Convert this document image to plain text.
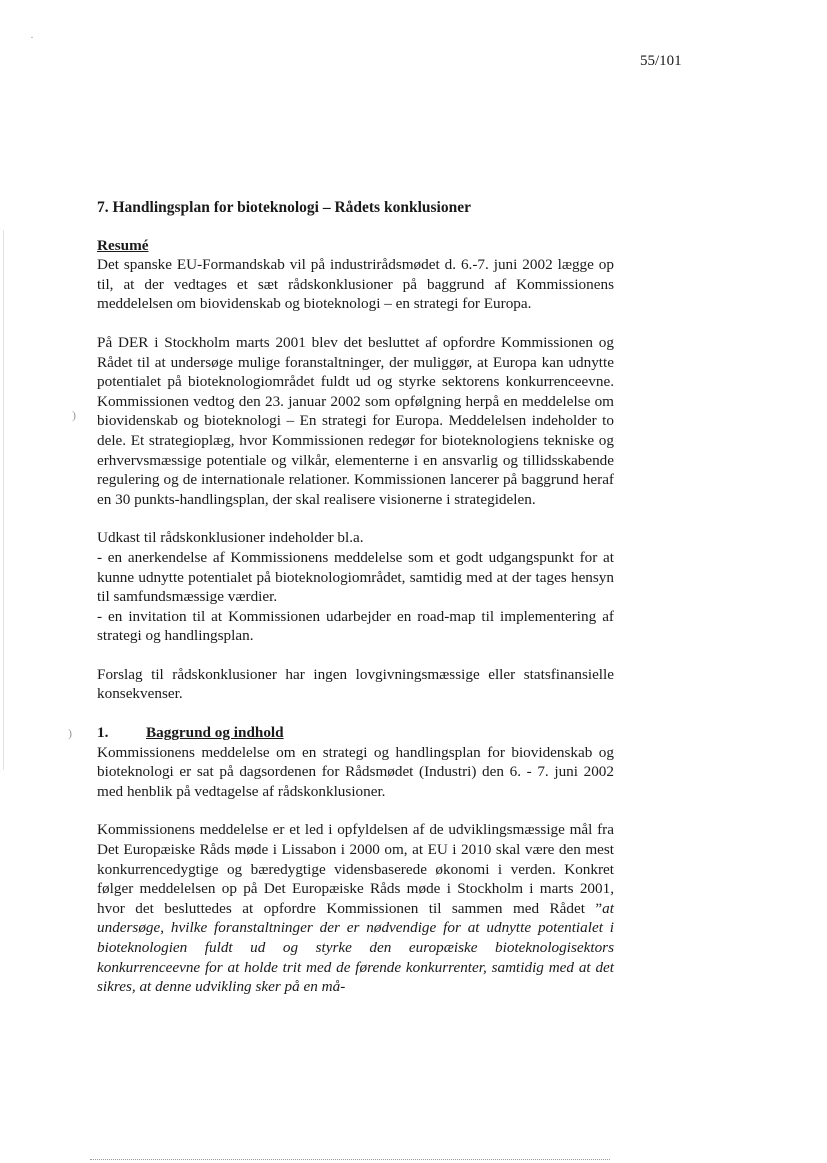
·
)
)
55/101
7. Handlingsplan for bioteknologi – Rådets konklusioner
Resumé

Det spanske EU-Formandskab vil på industrirådsmødet d. 6.-7. juni 2002 lægge op til, at der vedtages et sæt rådskonklusioner på baggrund af Kommissionens meddelelsen om biovidenskab og bioteknologi – en strategi for Europa.

På DER i Stockholm marts 2001 blev det besluttet af opfordre Kommissionen og Rådet til at undersøge mulige foranstaltninger, der muliggør, at Europa kan udnytte potentialet på bioteknologiområdet fuldt ud og styrke sektorens konkurrenceevne. Kommissionen vedtog den 23. januar 2002 som opfølgning herpå en meddelelse om biovidenskab og bioteknologi – En strategi for Europa. Meddelelsen indeholder to dele. Et strategioplæg, hvor Kommissionen redegør for bioteknologiens tekniske og erhvervsmæssige potentiale og vilkår, elementerne i en ansvarlig og tillidsskabende regulering og de internationale relationer. Kommissionen lancerer på baggrund heraf en 30 punkts-handlingsplan, der skal realisere visionerne i strategidelen.

Udkast til rådskonklusioner indeholder bl.a.

- en anerkendelse af Kommissionens meddelelse som et godt udgangspunkt for at kunne udnytte potentialet på bioteknologiområdet, samtidig med at der tages hensyn til samfundsmæssige værdier.

- en invitation til at Kommissionen udarbejder en road-map til implementering af strategi og handlingsplan.

Forslag til rådskonklusioner har ingen lovgivningsmæssige eller statsfinansielle konsekvenser.

1. Baggrund og indhold

Kommissionens meddelelse om en strategi og handlingsplan for biovidenskab og bioteknologi er sat på dagsordenen for Rådsmødet (Industri) den 6. - 7. juni 2002 med henblik på vedtagelse af rådskonklusioner.

Kommissionens meddelelse er et led i opfyldelsen af de udviklingsmæssige mål fra Det Europæiske Råds møde i Lissabon i 2000 om, at EU i 2010 skal være den mest konkurrencedygtige og bæredygtige vidensbaserede økonomi i verden. Konkret følger meddelelsen op på Det Europæiske Råds møde i Stockholm i marts 2001, hvor det besluttedes at opfordre Kommissionen til sammen med Rådet ”at undersøge, hvilke foranstaltninger der er nødvendige for at udnytte potentialet i bioteknologien fuldt ud og styrke den europæiske bioteknologisektors konkurrenceevne for at holde trit med de førende konkurrenter, samtidig med at det sikres, at denne udvikling sker på en må-
